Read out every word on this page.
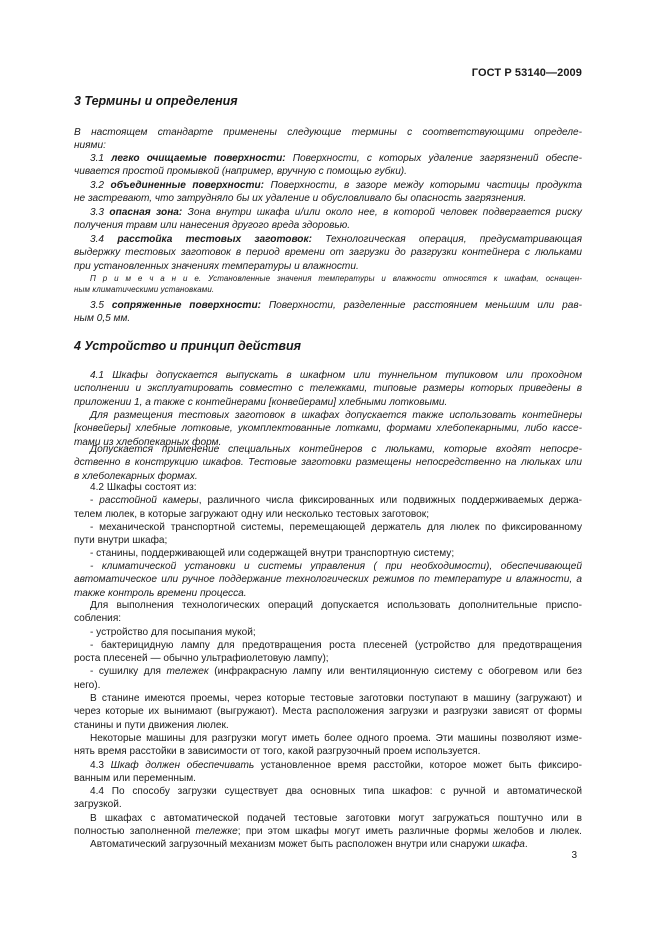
ГОСТ Р 53140—2009
3 Термины и определения
В настоящем стандарте применены следующие термины с соответствующими определе-
ниями:
3.1 легко очищаемые поверхности: Поверхности, с которых удаление загрязнений обеспе-
чивается простой промывкой (например, вручную с помощью губки).
3.2 объединенные поверхности: Поверхности, в зазоре между которыми частицы продукта
не застревают, что затрудняло бы их удаление и обусловливало бы опасность загрязнения.
3.3 опасная зона: Зона внутри шкафа и/или около нее, в которой человек подвергается риску
получения травм или нанесения другого вреда здоровью.
3.4 расстойка тестовых заготовок: Технологическая операция, предусматривающая
выдержку тестовых заготовок в период времени от загрузки до разгрузки контейнера с люльками
при установленных значениях температуры и влажности.
П р и м е ч а н и е. Установленные значения температуры и влажности относятся к шкафам, оснащен-
ным климатическими установками.
3.5 сопряженные поверхности: Поверхности, разделенные расстоянием меньшим или рав-
ным 0,5 мм.
4 Устройство и принцип действия
4.1 Шкафы допускается выпускать в шкафном или туннельном тупиковом или проходном
исполнении и эксплуатировать совместно с тележками, типовые размеры которых приведены в
приложении 1, а также с контейнерами [конвейерами] хлебными лотковыми.
Для размещения тестовых заготовок в шкафах допускается также использовать контейнеры
[конвейеры] хлебные лотковые, укомплектованные лотками, формами хлебопекарными, либо кассе-
тами из хлебопекарных форм.
Допускается применение специальных контейнеров с люльками, которые входят непосре-
дственно в конструкцию шкафов. Тестовые заготовки размещены непосредственно на люльках или
в хлеболекарных формах.
4.2 Шкафы состоят из:
- расстойной камеры, различного числа фиксированных или подвижных поддерживаемых держа-
телем люлек, в которые загружают одну или несколько тестовых заготовок;
- механической транспортной системы, перемещающей держатель для люлек по фиксированному
пути внутри шкафа;
- станины, поддерживающей или содержащей внутри транспортную систему;
- климатической установки и системы управления ( при необходимости), обеспечивающей
автоматическое или ручное поддержание технологических режимов по температуре и влажности, а
также контроль времени процесса.
Для выполнения технологических операций допускается использовать дополнительные приспо-
собления:
- устройство для посыпания мукой;
- бактерицидную лампу для предотвращения роста плесеней (устройство для предотвращения
роста плесеней — обычно ультрафиолетовую лампу);
- сушилку для тележек (инфракрасную лампу или вентиляционную систему с обогревом или без
него).
В станине имеются проемы, через которые тестовые заготовки поступают в машину (загружают) и
через которые их вынимают (выгружают). Места расположения загрузки и разгрузки зависят от формы
станины и пути движения люлек.
Некоторые машины для разгрузки могут иметь более одного проема. Эти машины позволяют изме-
нять время расстойки в зависимости от того, какой разгрузочный проем используется.
4.3 Шкаф должен обеспечивать установленное время расстойки, которое может быть фиксиро-
ванным или переменным.
4.4 По способу загрузки существует два основных типа шкафов: с ручной и автоматической
загрузкой.
В шкафах с автоматической подачей тестовые заготовки могут загружаться поштучно или в
полностью заполненной тележке; при этом шкафы могут иметь различные формы желобов и люлек.
Автоматический загрузочный механизм может быть расположен внутри или снаружи шкафа.
3
